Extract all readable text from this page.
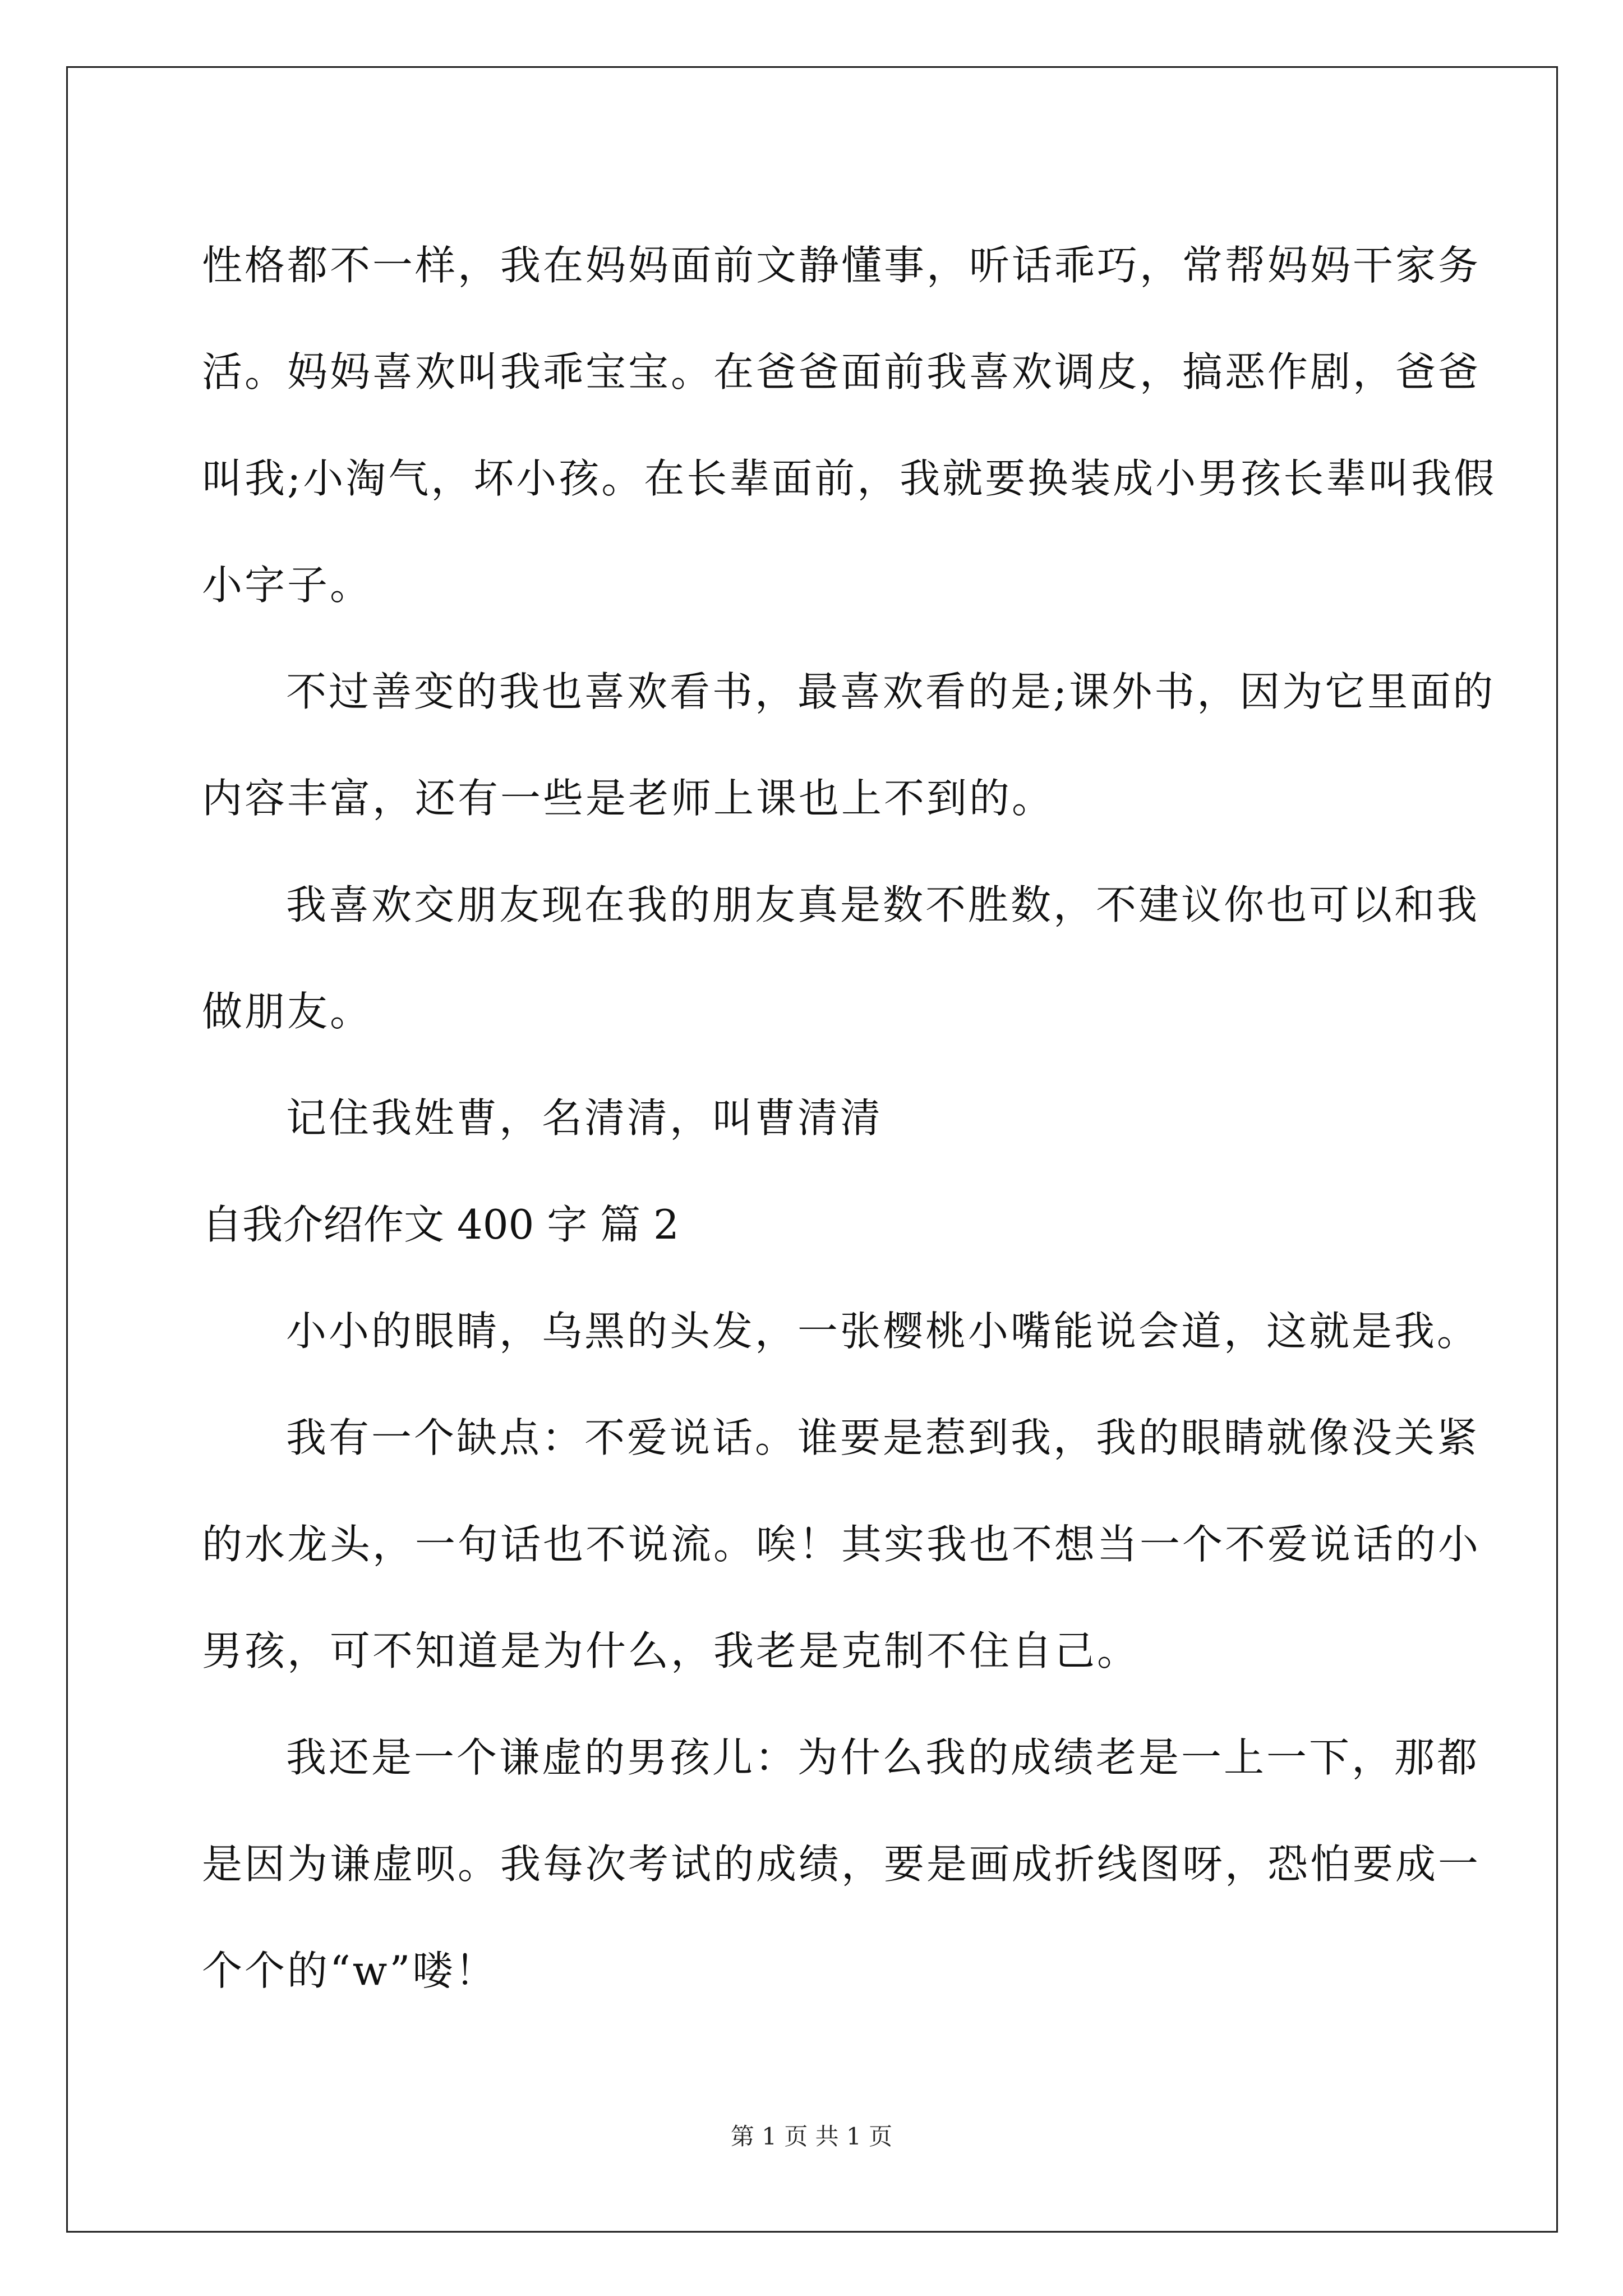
性格都不一样，我在妈妈面前文静懂事，听话乖巧，常帮妈妈干家务
活。妈妈喜欢叫我乖宝宝。在爸爸面前我喜欢调皮，搞恶作剧，爸爸
叫我;小淘气，坏小孩。在长辈面前，我就要换装成小男孩长辈叫我假
小字子。
不过善变的我也喜欢看书，最喜欢看的是;课外书，因为它里面的
内容丰富，还有一些是老师上课也上不到的。
我喜欢交朋友现在我的朋友真是数不胜数，不建议你也可以和我
做朋友。
记住我姓曹，名清清，叫曹清清
自我介绍作文 400 字 篇 2
小小的眼睛，乌黑的头发，一张樱桃小嘴能说会道，这就是我。
我有一个缺点：不爱说话。谁要是惹到我，我的眼睛就像没关紧
的水龙头，一句话也不说流。唉！其实我也不想当一个不爱说话的小
男孩，可不知道是为什么，我老是克制不住自己。
我还是一个谦虚的男孩儿：为什么我的成绩老是一上一下，那都
是因为谦虚呗。我每次考试的成绩，要是画成折线图呀，恐怕要成一
个个的“w”喽！
第 1 页 共 1 页
